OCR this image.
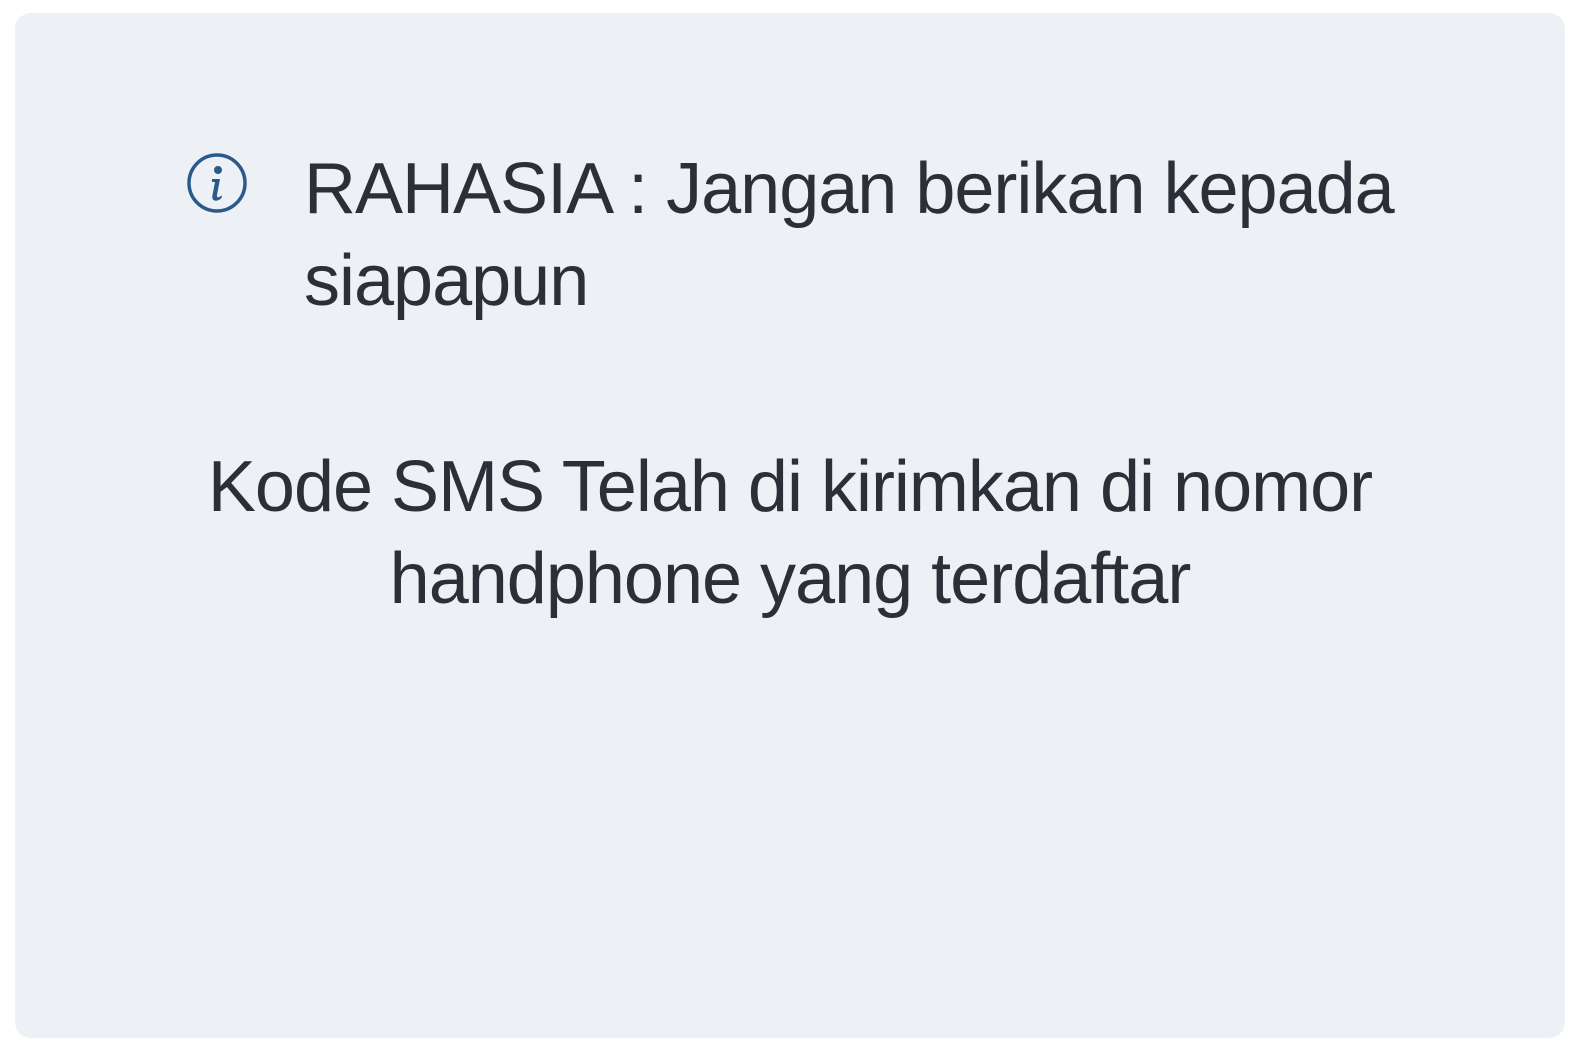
RAHASIA : Jangan berikan kepada siapapun
Kode SMS Telah di kirimkan di nomor handphone yang terdaftar
